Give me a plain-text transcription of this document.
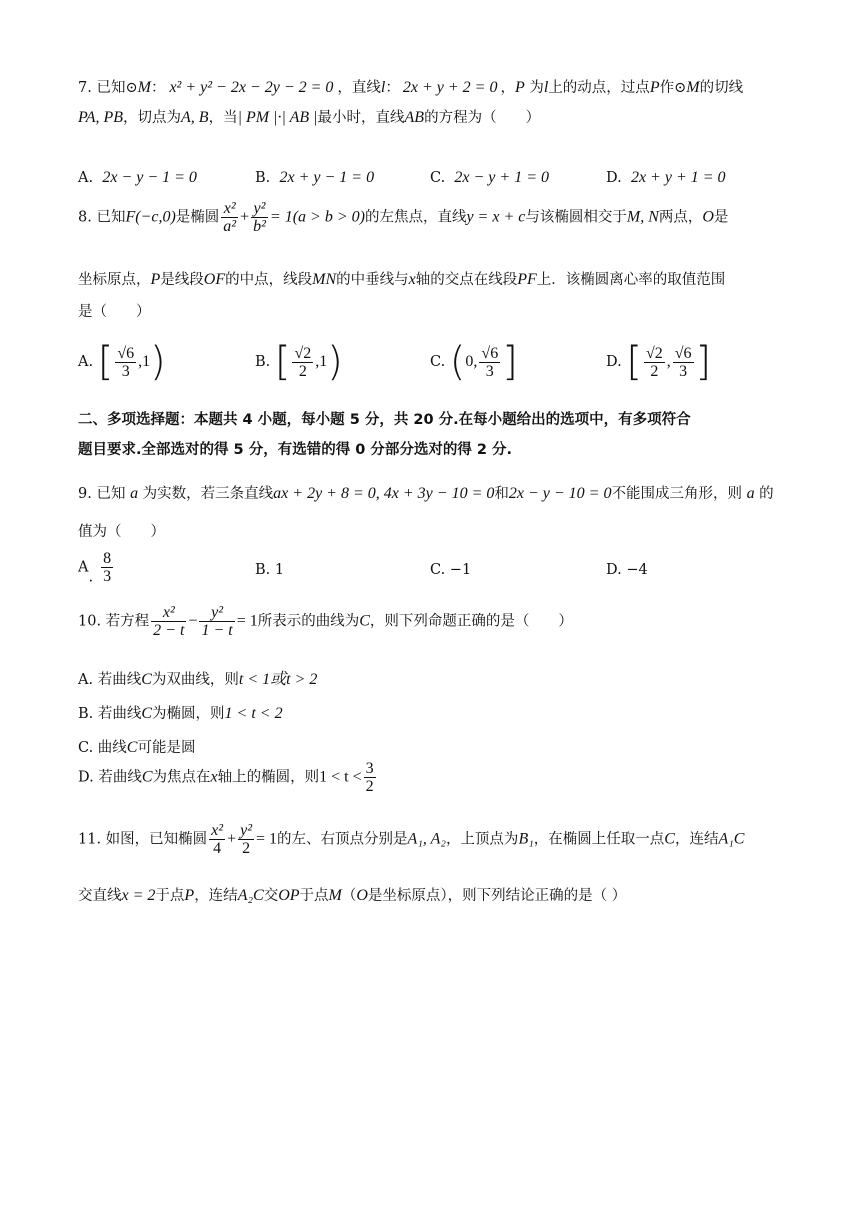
7. 已知⊙M： x² + y² − 2x − 2y − 2 = 0 ，直线l： 2x + y + 2 = 0 ，P 为l上的动点，过点P作⊙M的切线
PA, PB，切点为A, B，当| PM |·| AB |最小时，直线AB的方程为（　　）
A. 2x − y − 1 = 0	B. 2x + y − 1 = 0	C. 2x − y + 1 = 0	D. 2x + y + 1 = 0
8. 已知F(−c,0)是椭圆 $\frac{\text{x²}}{\text{a²}} + \frac{\text{y²}}{\text{b²}} = 1(a > b > 0)$的左焦点，直线y = x + c与该椭圆相交于M, N两点，O是
坐标原点，P是线段OF的中点，线段MN的中垂线与x轴的交点在线段PF上．该椭圆离心率的取值范围
是（　　）
A. [ $\frac{√6}{3} ,1$)	B. [ $\frac{√2}{2} ,1$)	C. (0, $\frac{√6}{3}$ ]	D. [ $\frac{√2}{2}$ , $\frac{√6}{3}$ ]
二、多项选择题：本题共 4 小题，每小题 5 分，共 20 分.在每小题给出的选项中，有多项符合
题目要求.全部选对的得 5 分，有选错的得 0 分部分选对的得 2 分.
9. 已知 a 为实数，若三条直线ax + 2y + 8 = 0, 4x + 3y − 10 = 0和2x − y − 10 = 0不能围成三角形，则 a 的
值为（　　）
A. $\frac{8}{3}$	B. 1	C. −1	D. −4
10. 若方程 $\frac{\text{x²}}{2 - t} - \frac{\text{y²}}{1 - t} = 1$所表示的曲线为C，则下列命题正确的是（　　）
A. 若曲线C为双曲线，则t < 1或t > 2
B. 若曲线C为椭圆，则1 < t < 2
C. 曲线C可能是圆
D. 若曲线C为焦点在x轴上的椭圆，则$1 < t < \frac{3}{2}$
11. 如图，已知椭圆 $\frac{\text{x²}}{4} + \frac{\text{y²}}{2} = 1$的左、右顶点分别是A₁, A₂，上顶点为B₁，在椭圆上任取一点C，连结A₁C
交直线x = 2于点P，连结A₂C交OP于点M（O是坐标原点），则下列结论正确的是（ ）
